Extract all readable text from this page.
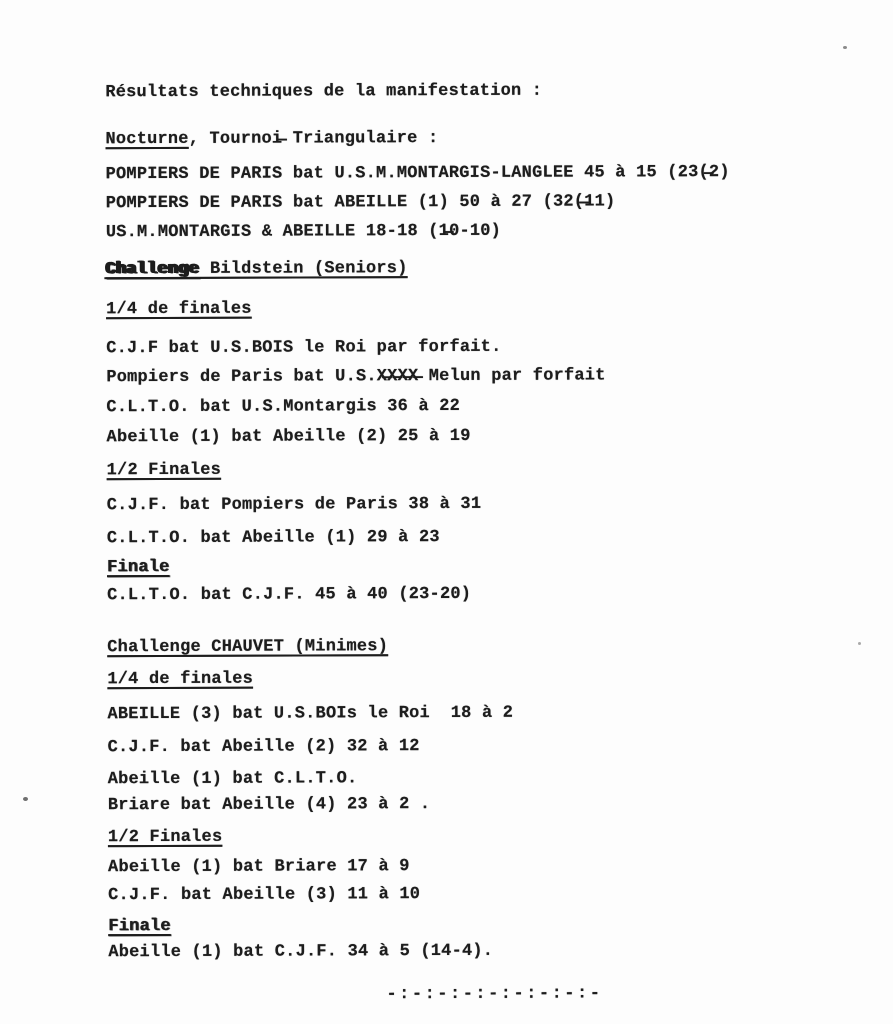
Résultats techniques de la manifestation :
Nocturne, Tournoi̶ Triangulaire :
POMPIERS DE PARIS bat U.S.M.MONTARGIS-LANGLEE 45 à 15 (23(̶2)
POMPIERS DE PARIS bat ABEILLE (1) 50 à 27 (32(̶11)
US.M.MONTARGIS & ABEILLE 18-18 (1̶0-10)
Challenge Bildstein (Seniors)
1/4 de finales
C.J.F bat U.S.BOIS le Roi par forfait.
Pompiers de Paris bat U.S.X̶X̶X̶X̶ Melun par forfait
C.L.T.O. bat U.S.Montargis 36 à 22
Abeille (1) bat Abeille (2) 25 à 19
1/2 Finales
C.J.F. bat Pompiers de Paris 38 à 31
C.L.T.O. bat Abeille (1) 29 à 23
Finale
C.L.T.O. bat C.J.F. 45 à 40 (23-20)
Challenge CHAUVET (Minimes)
1/4 de finales
ABEILLE (3) bat U.S.BOIs le Roi  18 à 2
C.J.F. bat Abeille (2) 32 à 12
Abeille (1) bat C.L.T.O.
Briare bat Abeille (4) 23 à 2 .
1/2 Finales
Abeille (1) bat Briare 17 à 9
C.J.F. bat Abeille (3) 11 à 10
Finale
Abeille (1) bat C.J.F. 34 à 5 (14-4).
-:-:-:-:-:-:-:-:-
